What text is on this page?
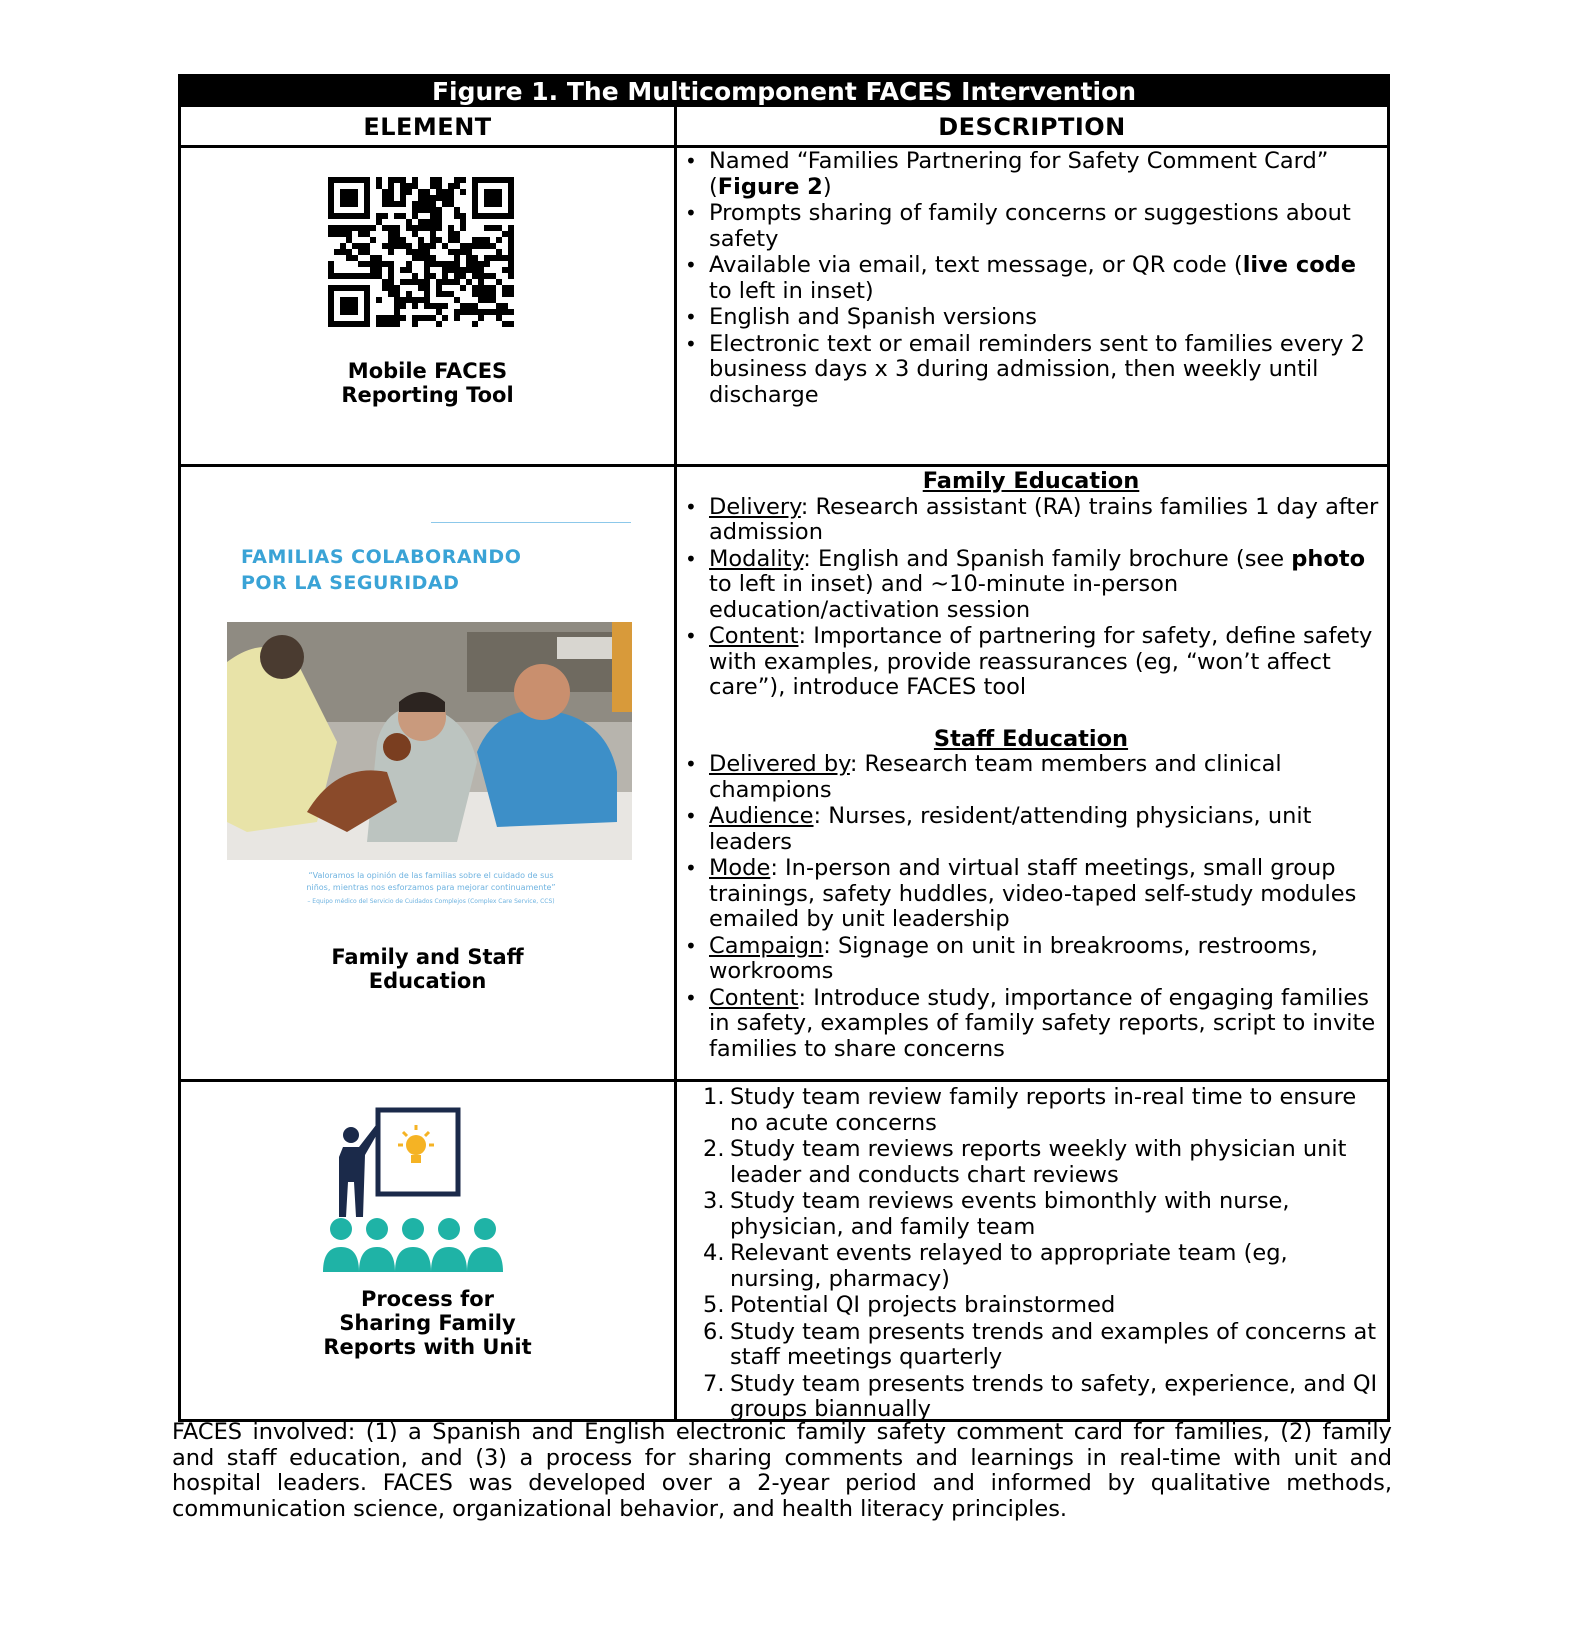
Figure 1. The Multicomponent FACES Intervention
ELEMENT	DESCRIPTION
Mobile FACES
Reporting Tool
• Named “Families Partnering for Safety Comment Card” (Figure 2)
• Prompts sharing of family concerns or suggestions about safety
• Available via email, text message, or QR code (live code to left in inset)
• English and Spanish versions
• Electronic text or email reminders sent to families every 2 business days x 3 during admission, then weekly until discharge
FAMILIAS COLABORANDO
POR LA SEGURIDAD
“Valoramos la opinión de las familias sobre el cuidado de sus
niños, mientras nos esforzamos para mejorar continuamente”
– Equipo médico del Servicio de Cuidados Complejos (Complex Care Service, CCS)
Family and Staff
Education

Family Education

• Delivery: Research assistant (RA) trains families 1 day after admission
• Modality: English and Spanish family brochure (see photo to left in inset) and ~10-minute in-person education/activation session
• Content: Importance of partnering for safety, define safety with examples, provide reassurances (eg, “won’t affect care”), introduce FACES tool

Staff Education

• Delivered by: Research team members and clinical champions
• Audience: Nurses, resident/attending physicians, unit leaders
• Mode: In-person and virtual staff meetings, small group trainings, safety huddles, video-taped self-study modules emailed by unit leadership
• Campaign: Signage on unit in breakrooms, restrooms, workrooms
• Content: Introduce study, importance of engaging families in safety, examples of family safety reports, script to invite families to share concerns
Process for
Sharing Family
Reports with Unit
1. Study team review family reports in-real time to ensure no acute concerns
2. Study team reviews reports weekly with physician unit leader and conducts chart reviews
3. Study team reviews events bimonthly with nurse, physician, and family team
4. Relevant events relayed to appropriate team (eg, nursing, pharmacy)
5. Potential QI projects brainstormed
6. Study team presents trends and examples of concerns at staff meetings quarterly
7. Study team presents trends to safety, experience, and QI groups biannually
FACES involved: (1) a Spanish and English electronic family safety comment card for families, (2) family and staff education, and (3) a process for sharing comments and learnings in real-time with unit and hospital leaders. FACES was developed over a 2-year period and informed by qualitative methods, communication science, organizational behavior, and health literacy principles.
